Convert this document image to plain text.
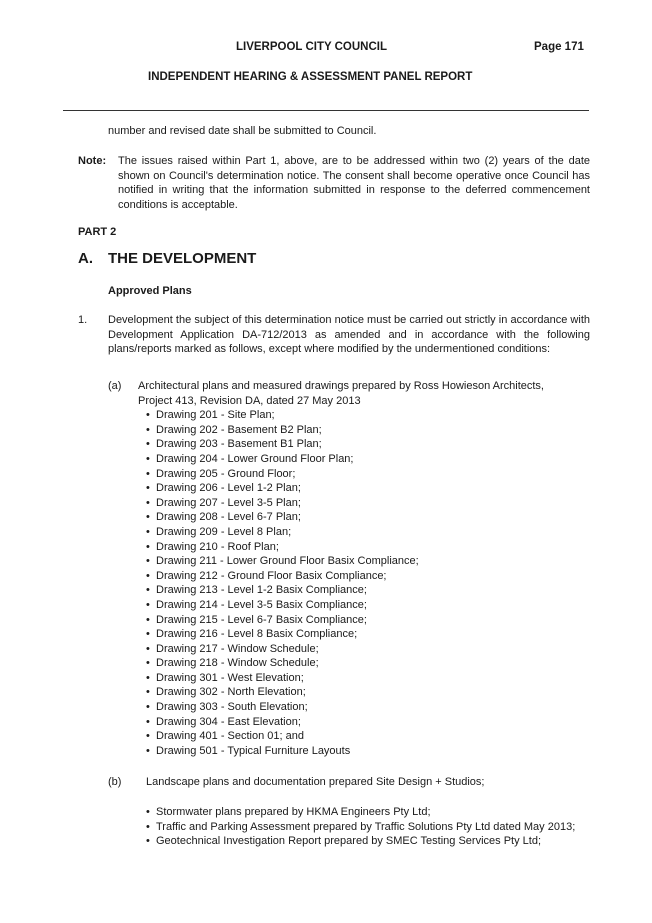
LIVERPOOL CITY COUNCIL	Page 171
INDEPENDENT HEARING & ASSESSMENT PANEL REPORT
number and revised date shall be submitted to Council.
Note: The issues raised within Part 1, above, are to be addressed within two (2) years of the date shown on Council's determination notice. The consent shall become operative once Council has notified in writing that the information submitted in response to the deferred commencement conditions is acceptable.
PART 2
A. THE DEVELOPMENT
Approved Plans
1. Development the subject of this determination notice must be carried out strictly in accordance with Development Application DA-712/2013 as amended and in accordance with the following plans/reports marked as follows, except where modified by the undermentioned conditions:
(a) Architectural plans and measured drawings prepared by Ross Howieson Architects,
Project 413, Revision DA, dated 27 May 2013
• Drawing 201 - Site Plan;
• Drawing 202 - Basement B2 Plan;
• Drawing 203 - Basement B1 Plan;
• Drawing 204 - Lower Ground Floor Plan;
• Drawing 205 - Ground Floor;
• Drawing 206 - Level 1-2 Plan;
• Drawing 207 - Level 3-5 Plan;
• Drawing 208 - Level 6-7 Plan;
• Drawing 209 - Level 8 Plan;
• Drawing 210 - Roof Plan;
• Drawing 211 - Lower Ground Floor Basix Compliance;
• Drawing 212 - Ground Floor Basix Compliance;
• Drawing 213 - Level 1-2 Basix Compliance;
• Drawing 214 - Level 3-5 Basix Compliance;
• Drawing 215 - Level 6-7 Basix Compliance;
• Drawing 216 - Level 8 Basix Compliance;
• Drawing 217 - Window Schedule;
• Drawing 218 - Window Schedule;
• Drawing 301 - West Elevation;
• Drawing 302 - North Elevation;
• Drawing 303 - South Elevation;
• Drawing 304 - East Elevation;
• Drawing 401 - Section 01; and
• Drawing 501 - Typical Furniture Layouts
(b) Landscape plans and documentation prepared Site Design + Studios;
• Stormwater plans prepared by HKMA Engineers Pty Ltd;
• Traffic and Parking Assessment prepared by Traffic Solutions Pty Ltd dated May 2013;
• Geotechnical Investigation Report prepared by SMEC Testing Services Pty Ltd;
